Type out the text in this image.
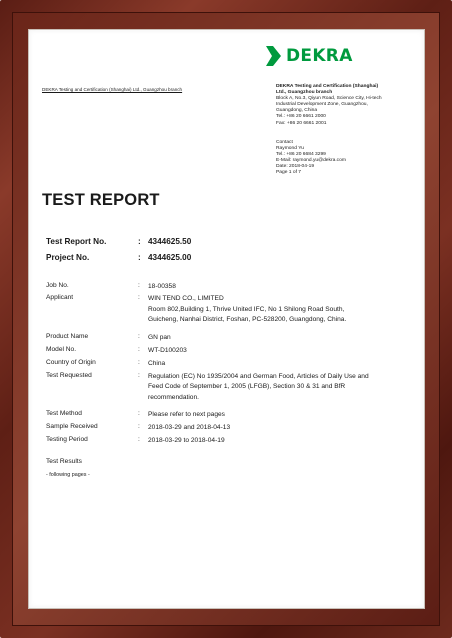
DEKRA
DEKRA Testing and Certification (Shanghai) Ltd., Guangzhou branch
DEKRA Testing and Certification (Shanghai)
Ltd., Guangzhou branch
Block A, No.3, Qiyun Road, Science City, Hi-tech
Industrial Development Zone, Guangzhou,
Guangdong, China
Tel.: +86 20 6661 2000
Fax: +86 20 6661 2001
Contact
Raymond Yu
Tel.: +86 20 6684 3299
E-Mail: raymond.yu@dekra.com
Date: 2018-04-19
Page 1 of 7
TEST REPORT
Test Report No.	: 4344625.50
Project No.	: 4344625.00
Job No.	: 18-00358
Applicant	: WIN TEND CO., LIMITED
Room 802,Building 1, Thrive United IFC, No 1 Shilong Road South, Guicheng, Nanhai District, Foshan, PC-528200, Guangdong, China.
Product Name	: GN pan
Model No.	: WT-D100203
Country of Origin	: China
Test Requested	: Regulation (EC) No 1935/2004 and German Food, Articles of Daily Use and Feed Code of September 1, 2005 (LFGB), Section 30 & 31 and BfR recommendation.
Test Method	: Please refer to next pages
Sample Received	: 2018-03-29 and 2018-04-13
Testing Period	: 2018-03-29 to 2018-04-19
Test Results
- following pages -
